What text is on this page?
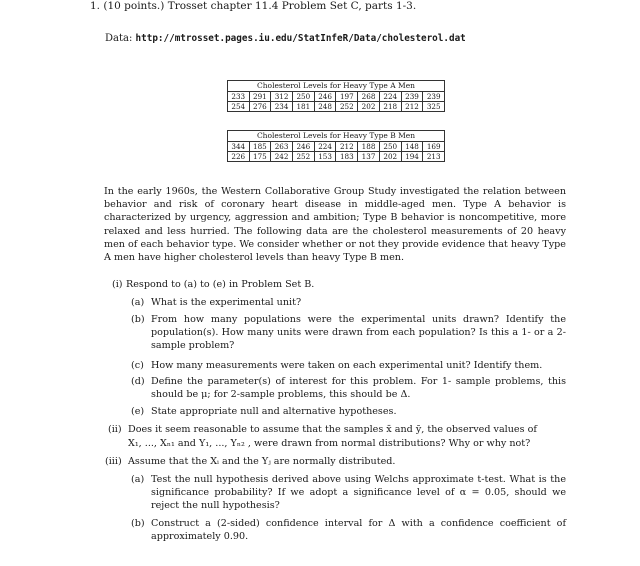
1. (10 points.) Trosset chapter 11.4 Problem Set C, parts 1-3.
Data: http://mtrosset.pages.iu.edu/StatInfeR/Data/cholesterol.dat
Cholesterol Levels for Heavy Type A Men
233	291	312	250	246	197	268	224	239	239
254	276	234	181	248	252	202	218	212	325
Cholesterol Levels for Heavy Type B Men
344	185	263	246	224	212	188	250	148	169
226	175	242	252	153	183	137	202	194	213
In the early 1960s, the Western Collaborative Group Study investigated the relation between behavior and risk of coronary heart disease in middle-aged men. Type A behavior is characterized by urgency, aggression and ambition; Type B behavior is noncompetitive, more relaxed and less hurried. The following data are the cholesterol measurements of 20 heavy men of each behavior type. We consider whether or not they provide evidence that heavy Type A men have higher cholesterol levels than heavy Type B men.
(i) Respond to (a) to (e) in Problem Set B.
(a) What is the experimental unit?
(b) From how many populations were the experimental units drawn? Identify the population(s). How many units were drawn from each population? Is this a 1- or a 2-sample problem?
(c) How many measurements were taken on each experimental unit? Identify them.
(d) Define the parameter(s) of interest for this problem. For 1- sample problems, this should be μ; for 2-sample problems, this should be Δ.
(e) State appropriate null and alternative hypotheses.
(ii) Does it seem reasonable to assume that the samples x̄ and ȳ, the observed values of
X₁, ..., Xₙ₁ and Y₁, ..., Yₙ₂ , were drawn from normal distributions? Why or why not?
(iii) Assume that the Xᵢ and the Yⱼ are normally distributed.
(a) Test the null hypothesis derived above using Welchs approximate t-test. What is the significance probability? If we adopt a significance level of α = 0.05, should we reject the null hypothesis?
(b) Construct a (2-sided) confidence interval for Δ with a confidence coefficient of approximately 0.90.
